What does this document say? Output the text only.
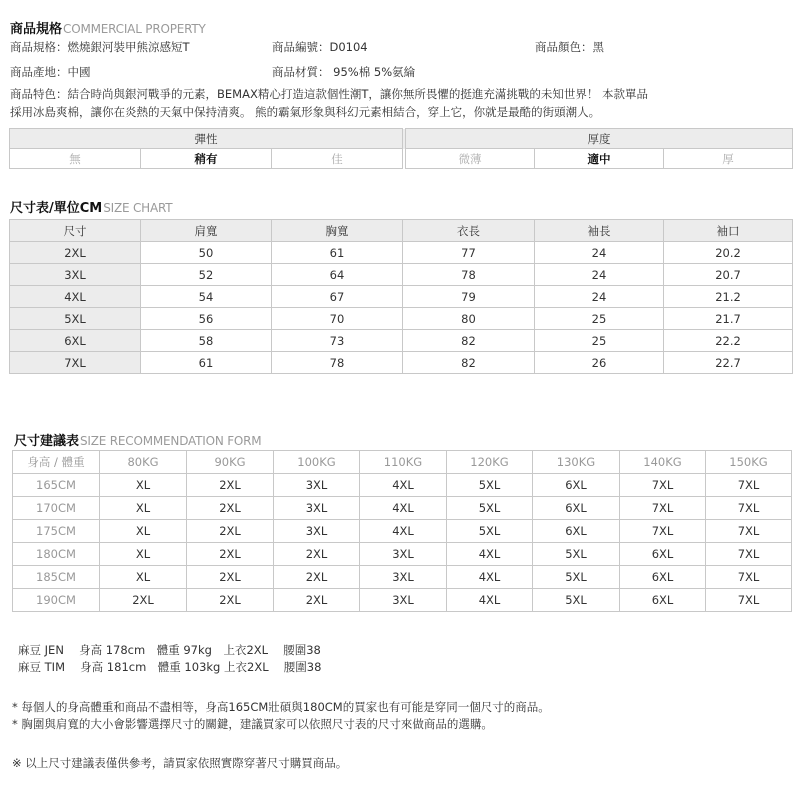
商品規格COMMERCIAL PROPERTY
商品規格：燃燒銀河裝甲熊涼感短T	商品編號：D0104	商品顏色：黑
商品產地：中國	商品材質： 95%棉 5%氨綸
商品特色：結合時尚與銀河戰爭的元素，BEMAX精心打造這款個性潮T，讓你無所畏懼的挺進充滿挑戰的未知世界！ 本款單品
採用冰島爽棉，讓你在炎熱的天氣中保持清爽。 熊的霸氣形象與科幻元素相結合，穿上它，你就是最酷的街頭潮人。
彈性				厚度		
無	稍有	佳		微薄	適中	厚
尺寸表/單位CMSIZE CHART
尺寸	肩寬	胸寬	衣長	袖長	袖口
2XL	50	61	77	24	20.2
3XL	52	64	78	24	20.7
4XL	54	67	79	24	21.2
5XL	56	70	80	25	21.7
6XL	58	73	82	25	22.2
7XL	61	78	82	26	22.7
尺寸建議表SIZE RECOMMENDATION FORM
身高 / 體重	80KG	90KG	100KG	110KG	120KG	130KG	140KG	150KG
165CM	XL	2XL	3XL	4XL	5XL	6XL	7XL	7XL
170CM	XL	2XL	3XL	4XL	5XL	6XL	7XL	7XL
175CM	XL	2XL	3XL	4XL	5XL	6XL	7XL	7XL
180CM	XL	2XL	2XL	3XL	4XL	5XL	6XL	7XL
185CM	XL	2XL	2XL	3XL	4XL	5XL	6XL	7XL
190CM	2XL	2XL	2XL	3XL	4XL	5XL	6XL	7XL
麻豆 JEN　 身高 178cm　體重 97kg　上衣2XL　 腰圍38
麻豆 TIM　 身高 181cm　體重 103kg 上衣2XL　 腰圍38
* 每個人的身高體重和商品不盡相等，身高165CM壯碩與180CM的買家也有可能是穿同一個尺寸的商品。
* 胸圍與肩寬的大小會影響選擇尺寸的關鍵，建議買家可以依照尺寸表的尺寸來做商品的選購。
※ 以上尺寸建議表僅供參考，請買家依照實際穿著尺寸購買商品。
